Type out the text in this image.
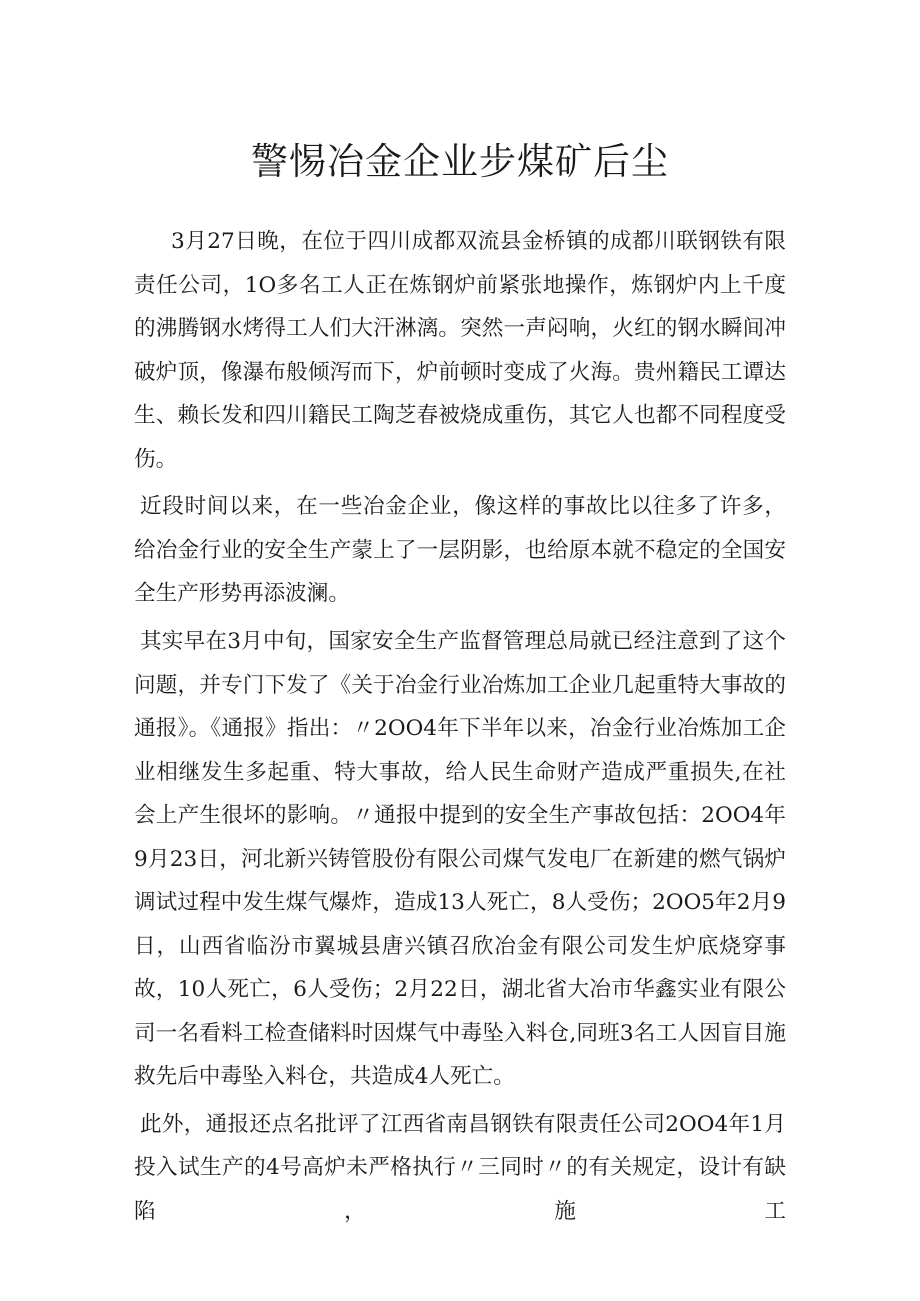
警惕冶金企业步煤矿后尘

3月27日晚，在位于四川成都双流县金桥镇的成都川联钢铁有限责任公司，1O多名工人正在炼钢炉前紧张地操作，炼钢炉内上千度的沸腾钢水烤得工人们大汗淋漓。突然一声闷响，火红的钢水瞬间冲破炉顶，像瀑布般倾泻而下，炉前顿时变成了火海。贵州籍民工谭达生、赖长发和四川籍民工陶芝春被烧成重伤，其它人也都不同程度受伤。

近段时间以来，在一些冶金企业，像这样的事故比以往多了许多，给冶金行业的安全生产蒙上了一层阴影，也给原本就不稳定的全国安全生产形势再添波澜。

其实早在3月中旬，国家安全生产监督管理总局就已经注意到了这个问题，并专门下发了《关于冶金行业冶炼加工企业几起重特大事故的通报》。《通报》指出：〃2OO4年下半年以来，冶金行业冶炼加工企业相继发生多起重、特大事故，给人民生命财产造成严重损失,在社会上产生很坏的影响。〃通报中提到的安全生产事故包括：2OO4年9月23日，河北新兴铸管股份有限公司煤气发电厂在新建的燃气锅炉调试过程中发生煤气爆炸，造成13人死亡，8人受伤；2OO5年2月9日，山西省临汾市翼城县唐兴镇召欣冶金有限公司发生炉底烧穿事故，10人死亡，6人受伤；2月22日，湖北省大冶市华鑫实业有限公司一名看料工检查储料时因煤气中毒坠入料仓,同班3名工人因盲目施救先后中毒坠入料仓，共造成4人死亡。

此外，通报还点名批评了江西省南昌钢铁有限责任公司2OO4年1月投入试生产的4号高炉未严格执行〃三同时〃的有关规定，设计有缺陷，施工
